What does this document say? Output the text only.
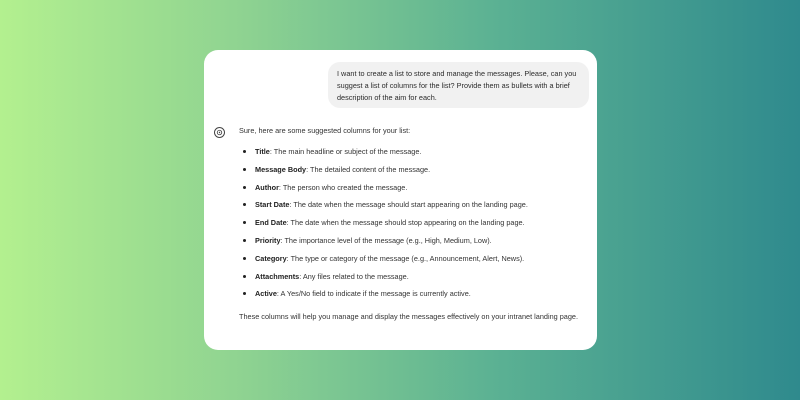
I want to create a list to store and manage the messages. Please, can you suggest a list of columns for the list? Provide them as bullets with a brief description of the aim for each.
Sure, here are some suggested columns for your list:
Title: The main headline or subject of the message.
Message Body: The detailed content of the message.
Author: The person who created the message.
Start Date: The date when the message should start appearing on the landing page.
End Date: The date when the message should stop appearing on the landing page.
Priority: The importance level of the message (e.g., High, Medium, Low).
Category: The type or category of the message (e.g., Announcement, Alert, News).
Attachments: Any files related to the message.
Active: A Yes/No field to indicate if the message is currently active.
These columns will help you manage and display the messages effectively on your intranet landing page.
